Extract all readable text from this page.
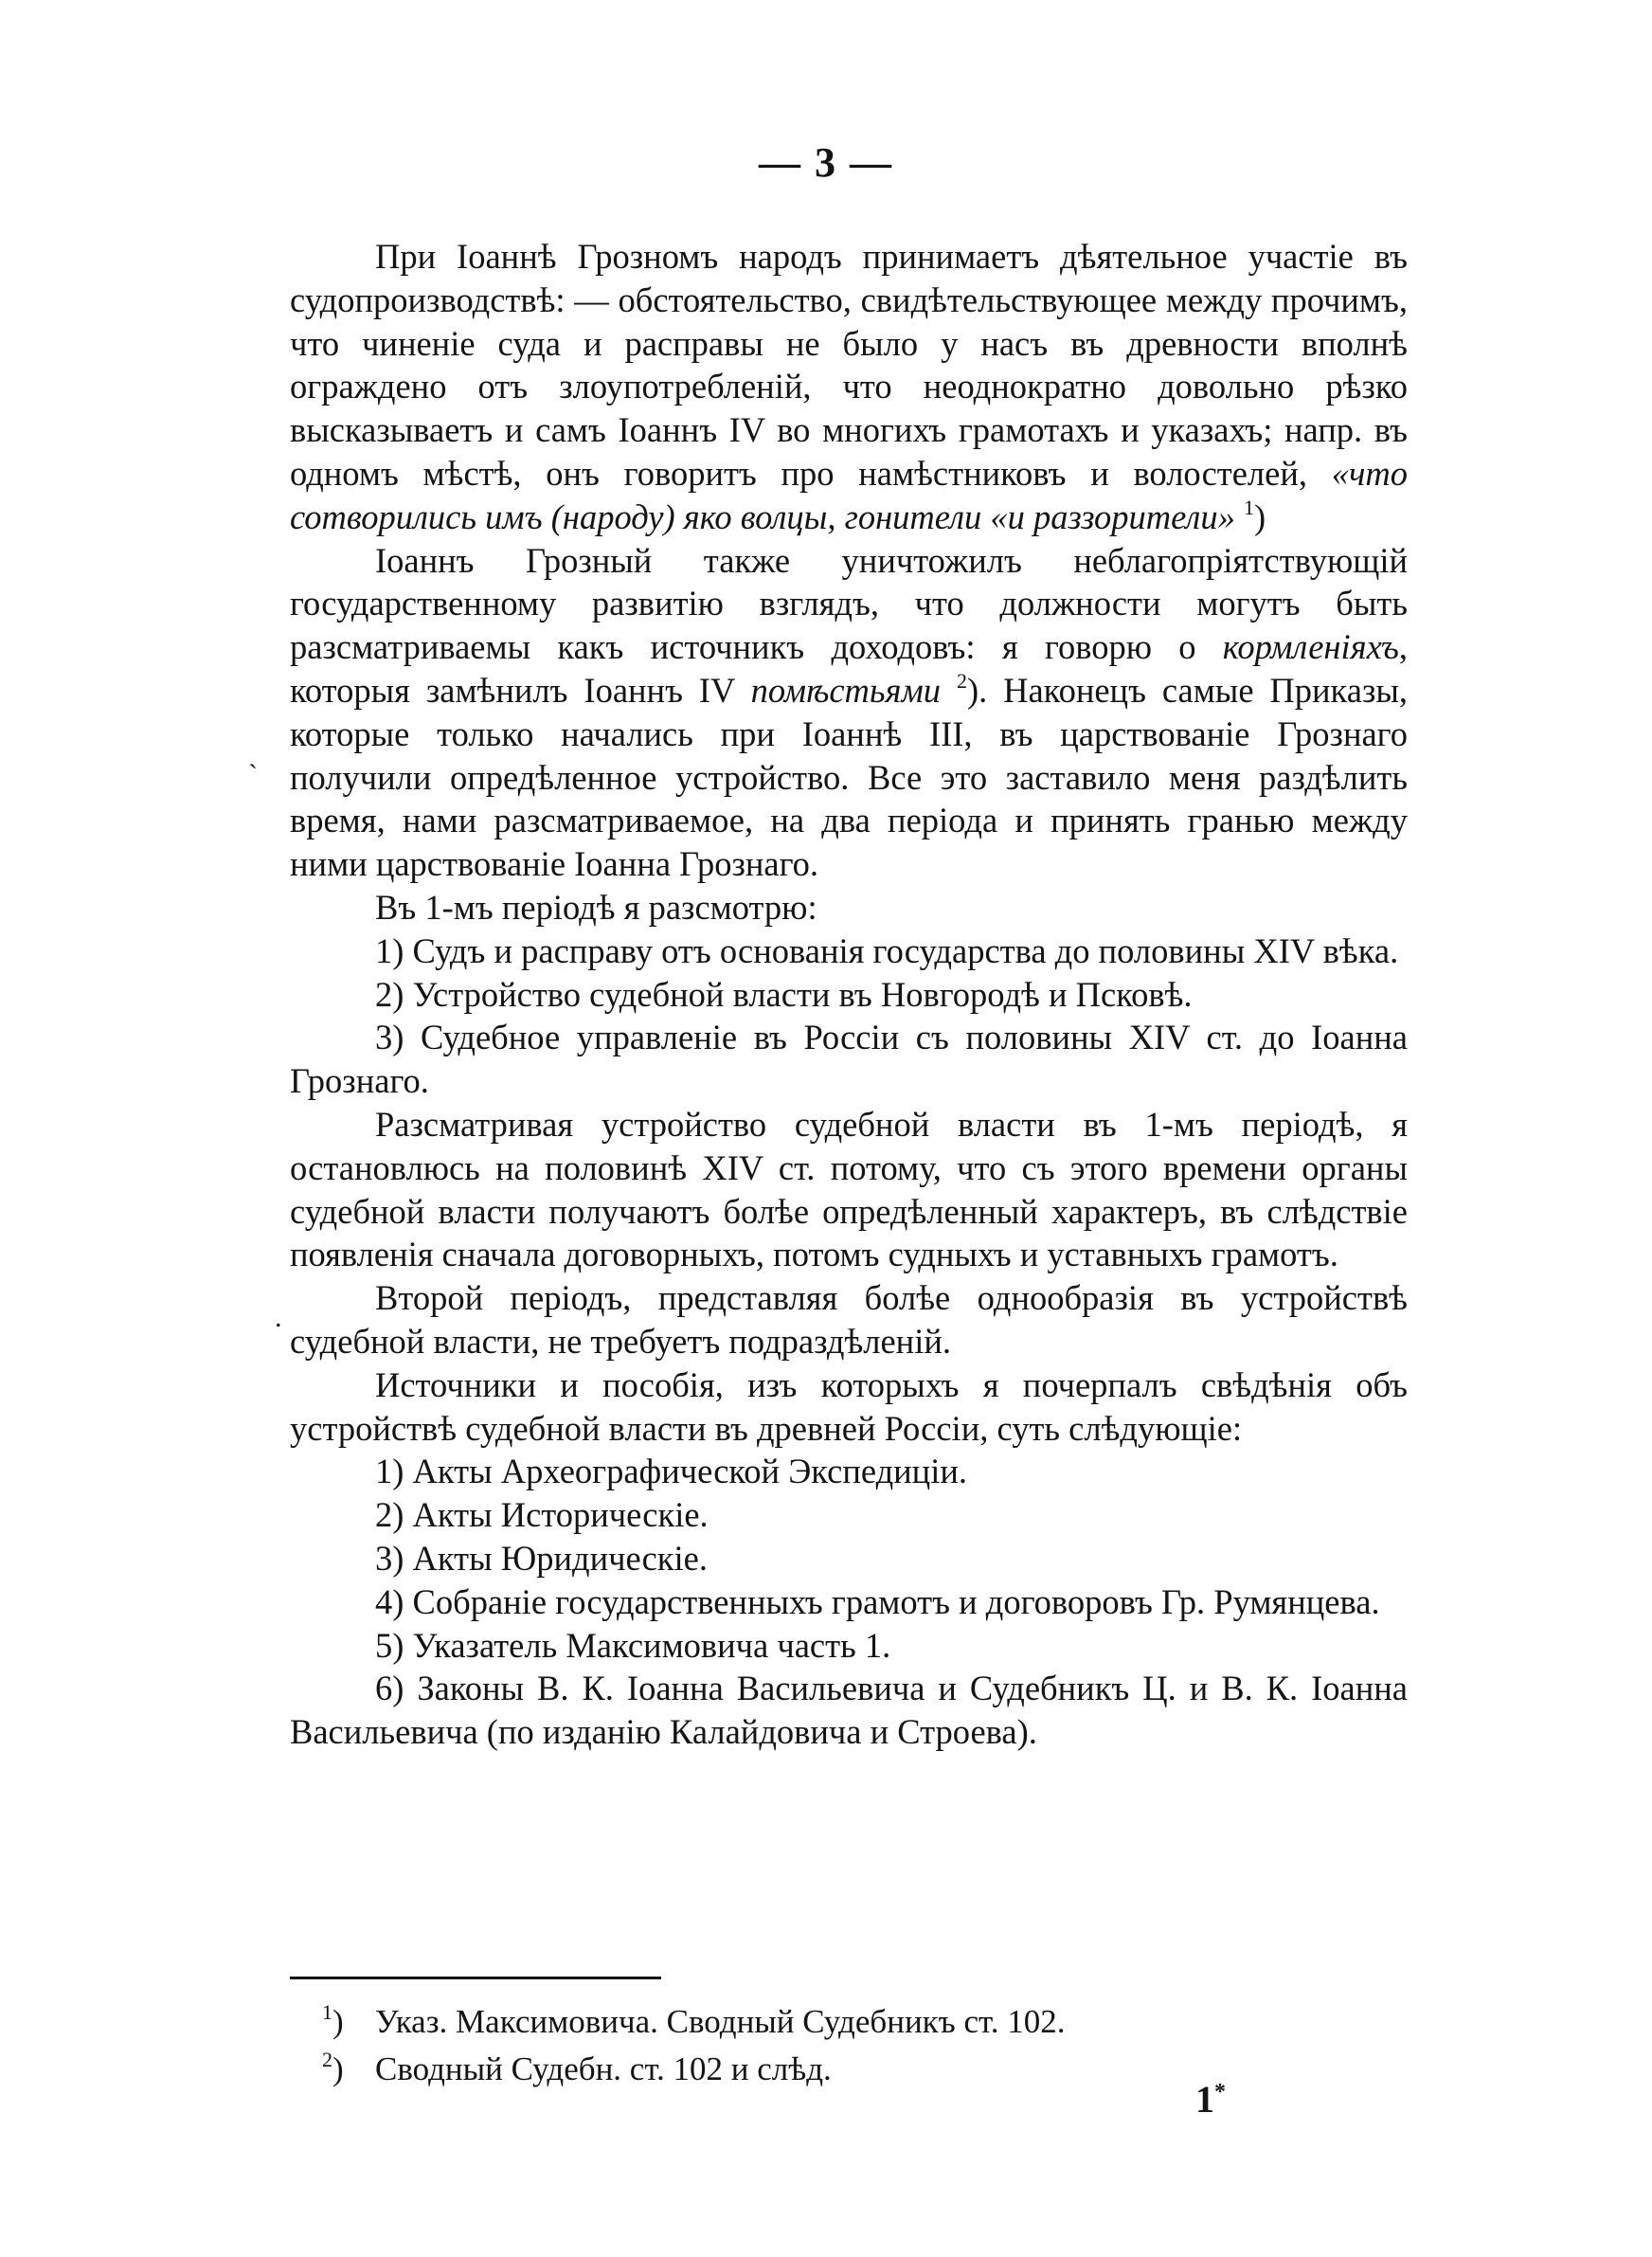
— 3 —

При Іоаннѣ Грозномъ народъ принимаетъ дѣятельное участіе въ судопроизводствѣ: — обстоятельство, свидѣтельствующее между прочимъ, что чиненіе суда и расправы не было у насъ въ древности вполнѣ ограждено отъ злоупотребленій, что неоднократно довольно рѣзко высказываетъ и самъ Іоаннъ IV во многихъ грамотахъ и указахъ; напр. въ одномъ мѣстѣ, онъ говоритъ про намѣстниковъ и волостелей, «что сотворились имъ (народу) яко волцы, гонители «и раззорители» $^1$)

Іоаннъ Грозный также уничтожилъ неблагопріятствующій государственному развитію взглядъ, что должности могутъ быть разсматриваемы какъ источникъ доходовъ: я говорю о кормленіяхъ, которыя замѣнилъ Іоаннъ IV помѣстьями $^2$). Наконецъ самые Приказы, которые только начались при Іоаннѣ III, въ царствованіе Грознаго получили опредѣленное устройство. Все это заставило меня раздѣлить время, нами разсматриваемое, на два періода и принять гранью между ними царствованіе Іоанна Грознаго.

Въ 1-мъ періодѣ я разсмотрю:

1) Судъ и расправу отъ основанія государства до половины XIV вѣка.

2) Устройство судебной власти въ Новгородѣ и Псковѣ.

3) Судебное управленіе въ Россіи съ половины XIV ст. до Іоанна Грознаго.

Разсматривая устройство судебной власти въ 1-мъ періодѣ, я остановлюсь на половинѣ XIV ст. потому, что съ этого времени органы судебной власти получаютъ болѣе опредѣленный характеръ, въ слѣдствіе появленія сначала договорныхъ, потомъ судныхъ и уставныхъ грамотъ.

Второй періодъ, представляя болѣе однообразія въ устройствѣ судебной власти, не требуетъ подраздѣленій.

Источники и пособія, изъ которыхъ я почерпалъ свѣдѣнія объ устройствѣ судебной власти въ древней Россіи, суть слѣдующіе:

1) Акты Археографической Экспедиціи.

2) Акты Историческіе.

3) Акты Юридическіе.

4) Собраніе государственныхъ грамотъ и договоровъ Гр. Румянцева.

5) Указатель Максимовича часть 1.

6) Законы В. К. Іоанна Васильевича и Судебникъ Ц. и В. К. Іоанна Васильевича (по изданію Калайдовича и Строева).

˴
.

$^1$) Указ. Максимовича. Сводный Судебникъ ст. 102.

$^2$) Сводный Судебн. ст. 102 и слѣд.

1*
